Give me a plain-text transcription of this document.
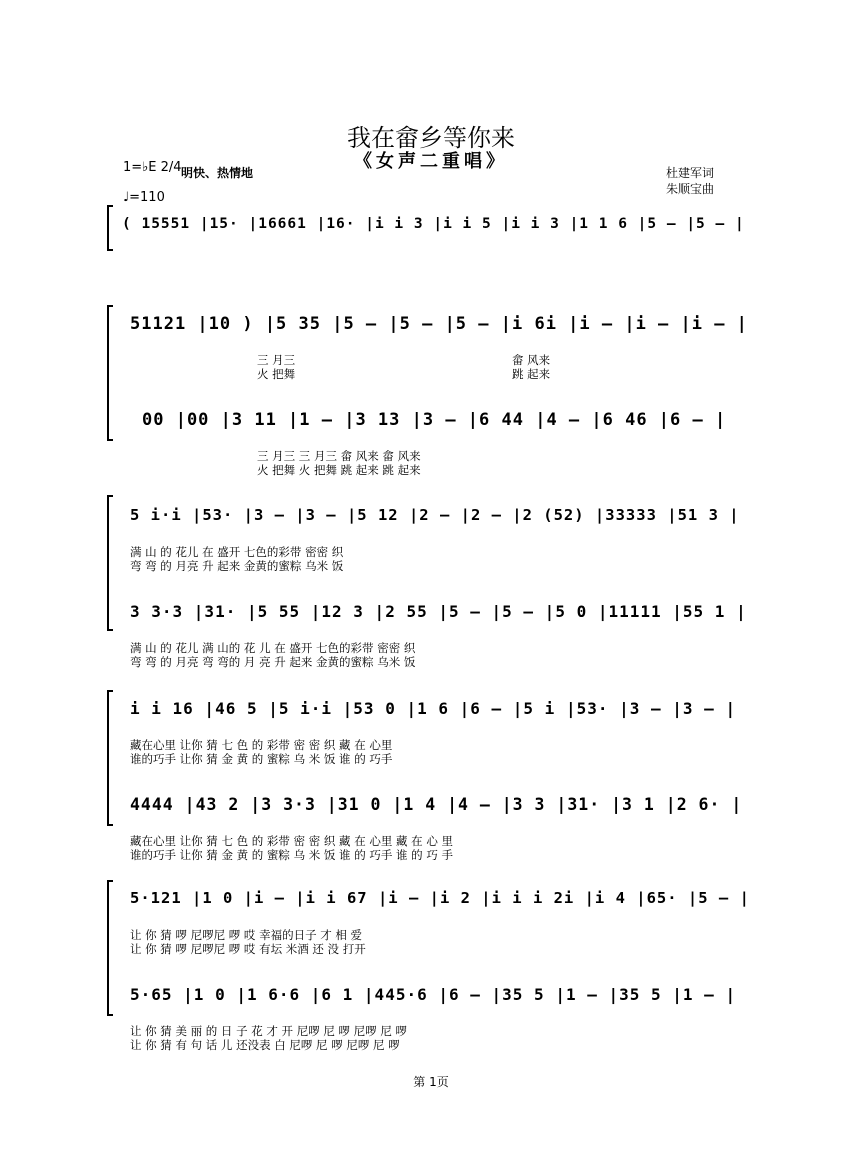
我在畲乡等你来
《女声二重唱》
1=♭E 2/4 明快、热情地
♩=110
杜建军词
朱顺宝曲
( 15551 |15· |16661 |16· |i i 3 |i i 5 |i i 3 |1 1 6 |5 – |5 – |
51121 |10 ) |5 35 |5 – |5 – |5 – |i 6i |i – |i – |i – |
三 月三
火 把舞
畲 风来
跳 起来
00 |00 |3 11 |1 – |3 13 |3 – |6 44 |4 – |6 46 |6 – |
三 月三 三 月三 畲 风来 畲 风来
火 把舞 火 把舞 跳 起来 跳 起来
5 i·i |53· |3 – |3 – |5 12 |2 – |2 – |2 (52) |33333 |51 3 |
满 山 的 花儿 在 盛开 七色的彩带 密密 织
弯 弯 的 月亮 升 起来 金黄的蜜粽 乌米 饭
3 3·3 |31· |5 55 |12 3 |2 55 |5 – |5 – |5 0 |11111 |55 1 |
满 山 的 花儿 满 山的 花 儿 在 盛开 七色的彩带 密密 织
弯 弯 的 月亮 弯 弯的 月 亮 升 起来 金黄的蜜粽 乌米 饭
i i 16 |46 5 |5 i·i |53 0 |1 6 |6 – |5 i |53· |3 – |3 – |
藏在心里 让你 猜 七 色 的 彩带 密 密 织 藏 在 心里
谁的巧手 让你 猜 金 黄 的 蜜粽 乌 米 饭 谁 的 巧手
4444 |43 2 |3 3·3 |31 0 |1 4 |4 – |3 3 |31· |3 1 |2 6· |
藏在心里 让你 猜 七 色 的 彩带 密 密 织 藏 在 心里 藏 在 心 里
谁的巧手 让你 猜 金 黄 的 蜜粽 乌 米 饭 谁 的 巧手 谁 的 巧 手
5·121 |1 0 |i – |i i 67 |i – |i 2 |i i i 2i |i 4 |65· |5 – |
让 你 猜 啰 尼啰尼 啰 哎 幸福的日子 才 相 爱
让 你 猜 啰 尼啰尼 啰 哎 有坛 米酒 还 没 打开
5·65 |1 0 |1 6·6 |6 1 |445·6 |6 – |35 5 |1 – |35 5 |1 – |
让 你 猜 美 丽 的 日 子 花 才 开 尼啰 尼 啰 尼啰 尼 啰
让 你 猜 有 句 话 儿 还没表 白 尼啰 尼 啰 尼啰 尼 啰
第 1页
